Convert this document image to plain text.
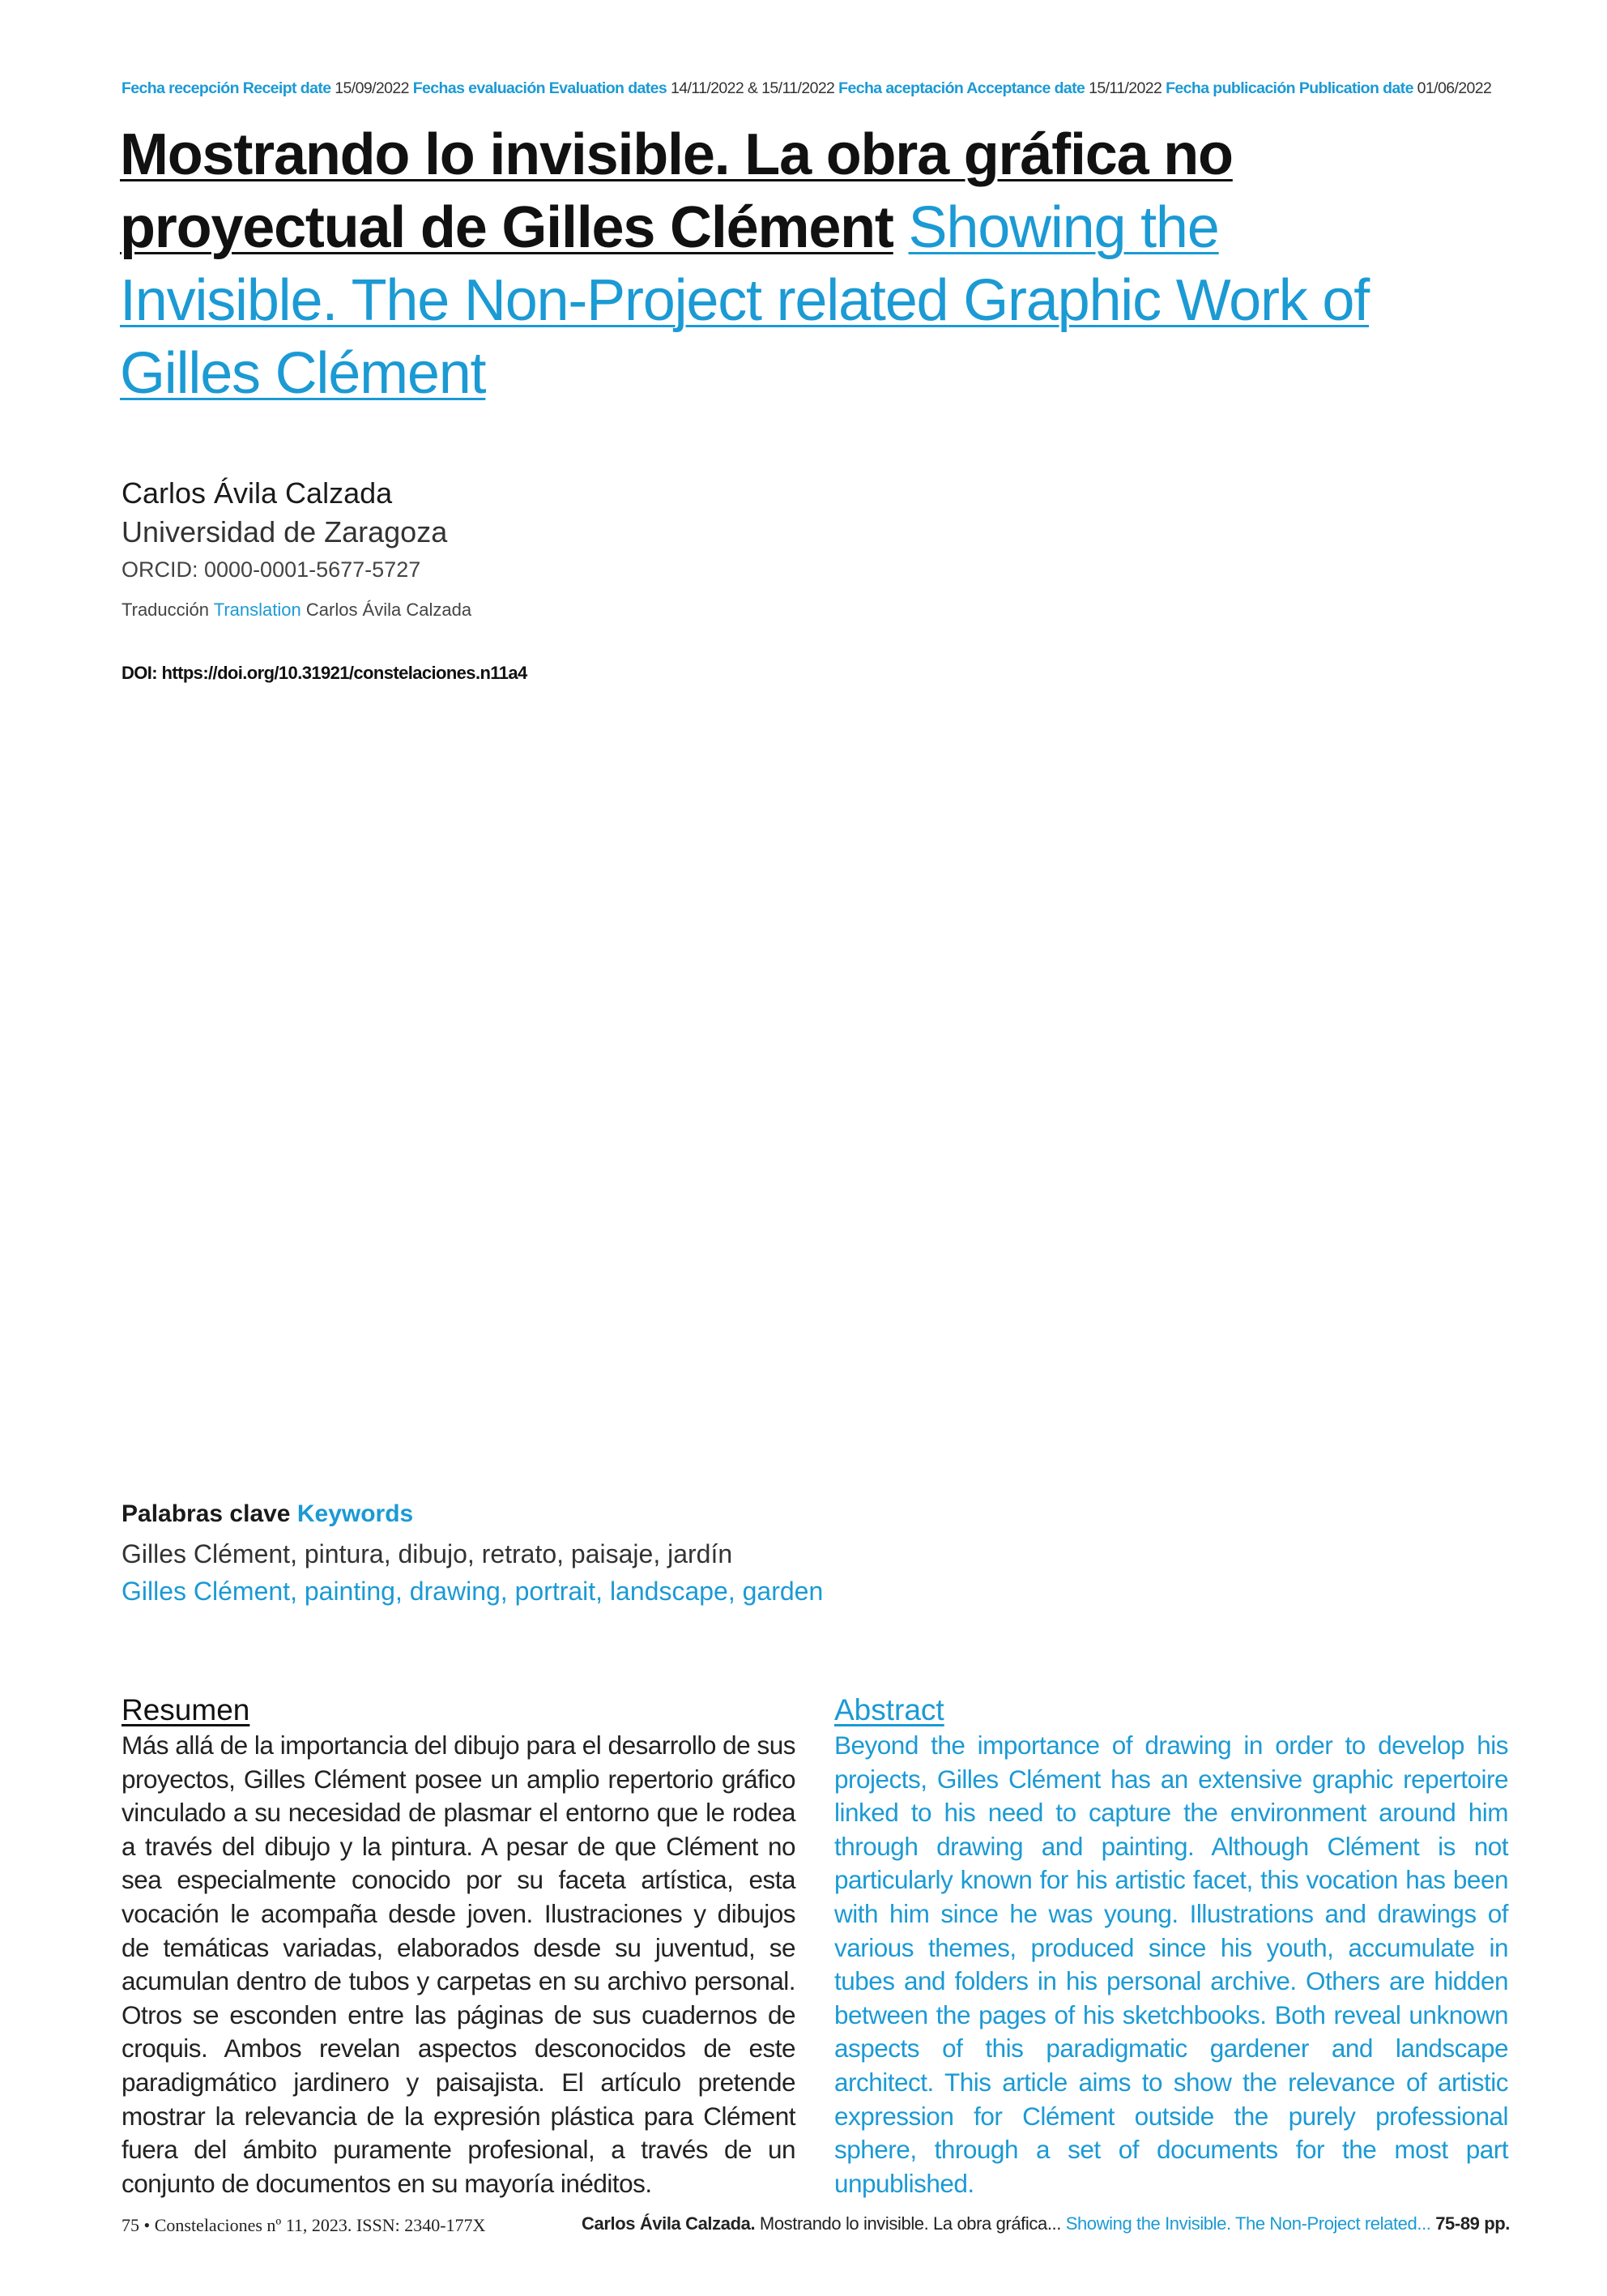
Fecha recepción Receipt date 15/09/2022 Fechas evaluación Evaluation dates 14/11/2022 & 15/11/2022 Fecha aceptación Acceptance date 15/11/2022 Fecha publicación Publication date 01/06/2022
Mostrando lo invisible. La obra gráfica no proyectual de Gilles Clément Showing the Invisible. The Non-Project related Graphic Work of Gilles Clément
Carlos Ávila Calzada
Universidad de Zaragoza
ORCID: 0000-0001-5677-5727
Traducción Translation Carlos Ávila Calzada
DOI: https://doi.org/10.31921/constelaciones.n11a4
Palabras clave Keywords
Gilles Clément, pintura, dibujo, retrato, paisaje, jardín
Gilles Clément, painting, drawing, portrait, landscape, garden
Resumen
Más allá de la importancia del dibujo para el desarrollo de sus proyectos, Gilles Clément posee un amplio repertorio gráfico vinculado a su necesidad de plasmar el entorno que le rodea a través del dibujo y la pintura. A pesar de que Clément no sea especialmente conocido por su faceta artística, esta vocación le acompaña desde joven. Ilustraciones y dibujos de temáticas variadas, elaborados desde su juventud, se acumulan dentro de tubos y carpetas en su archivo personal. Otros se esconden entre las páginas de sus cuadernos de croquis. Ambos revelan aspectos desconocidos de este paradigmático jardinero y paisajista. El artículo pretende mostrar la relevancia de la expresión plástica para Clément fuera del ámbito puramente profesional, a través de un conjunto de documentos en su mayoría inéditos.
Abstract
Beyond the importance of drawing in order to develop his projects, Gilles Clément has an extensive graphic repertoire linked to his need to capture the environment around him through drawing and painting. Although Clément is not particularly known for his artistic facet, this vocation has been with him since he was young. Illustrations and drawings of various themes, produced since his youth, accumulate in tubes and folders in his personal archive. Others are hidden between the pages of his sketchbooks. Both reveal unknown aspects of this paradigmatic gardener and landscape architect. This article aims to show the relevance of artistic expression for Clément outside the purely professional sphere, through a set of documents for the most part unpublished.
75 • Constelaciones nº 11, 2023. ISSN: 2340-177X	Carlos Ávila Calzada. Mostrando lo invisible. La obra gráfica... Showing the Invisible. The Non-Project related... 75-89 pp.
